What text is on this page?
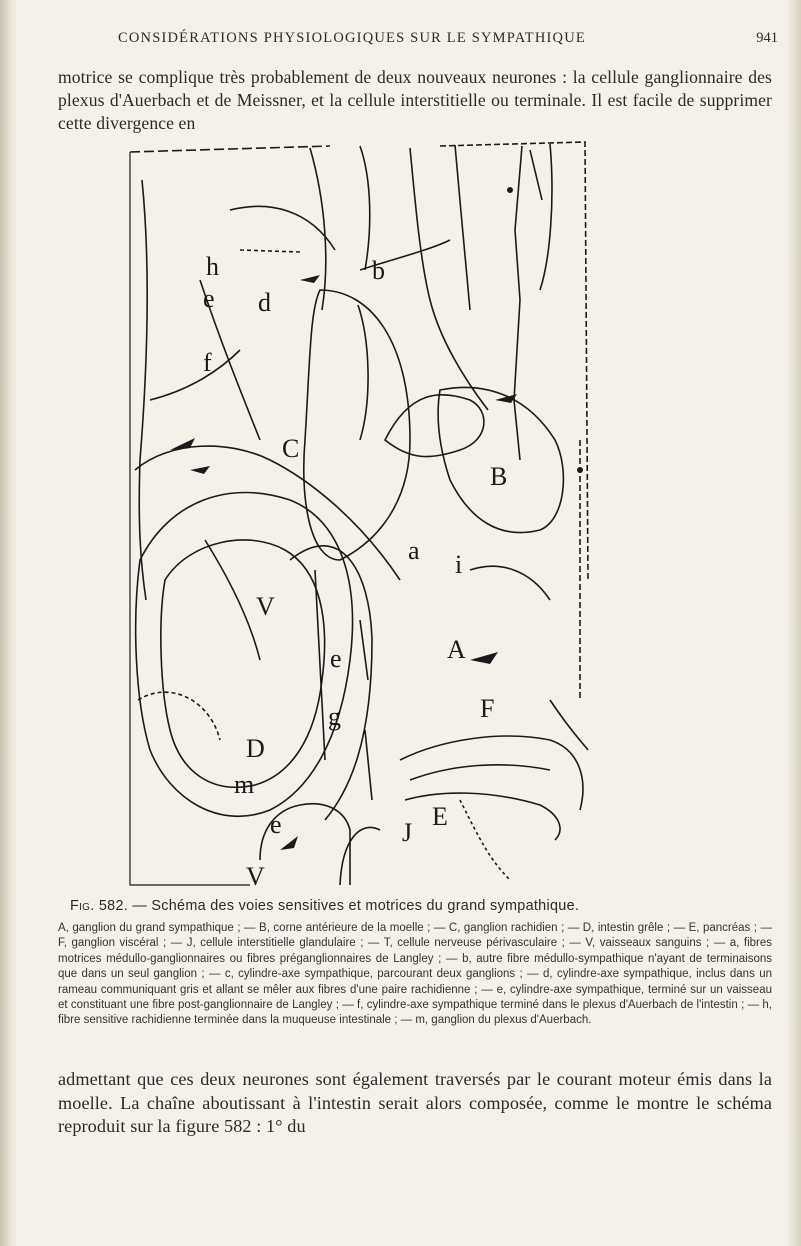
CONSIDÉRATIONS PHYSIOLOGIQUES SUR LE SYMPATHIQUE	941

motrice se complique très probablement de deux nouveaux neurones : la cellule ganglionnaire des plexus d'Auerbach et de Meissner, et la cellule interstitielle ou terminale. Il est facile de supprimer cette divergence en

h
e d
f
b
C
B
a i
A
V
e
g
D
m
F
J
E
e
V
Fig. 582. — Schéma des voies sensitives et motrices du grand sympathique.

A, ganglion du grand sympathique ; — B, corne antérieure de la moelle ; — C, ganglion rachidien ; — D, intestin grêle ; — E, pancréas ; — F, ganglion viscéral ; — J, cellule interstitielle glandulaire ; — T, cellule nerveuse périvasculaire ; — V, vaisseaux sanguins ; — a, fibres motrices médullo-ganglionnaires ou fibres préganglionnaires de Langley ; — b, autre fibre médullo-sympathique n'ayant de terminaisons que dans un seul ganglion ; — c, cylindre-axe sympathique, parcourant deux ganglions ; — d, cylindre-axe sympathique, inclus dans un rameau communiquant gris et allant se mêler aux fibres d'une paire rachidienne ; — e, cylindre-axe sympathique, terminé sur un vaisseau et constituant une fibre post-ganglionnaire de Langley ; — f, cylindre-axe sympathique terminé dans le plexus d'Auerbach de l'intestin ; — h, fibre sensitive rachidienne terminée dans la muqueuse intestinale ; — m, ganglion du plexus d'Auerbach.

admettant que ces deux neurones sont également traversés par le courant moteur émis dans la moelle. La chaîne aboutissant à l'intestin serait alors composée, comme le montre le schéma reproduit sur la figure 582 : 1° du
